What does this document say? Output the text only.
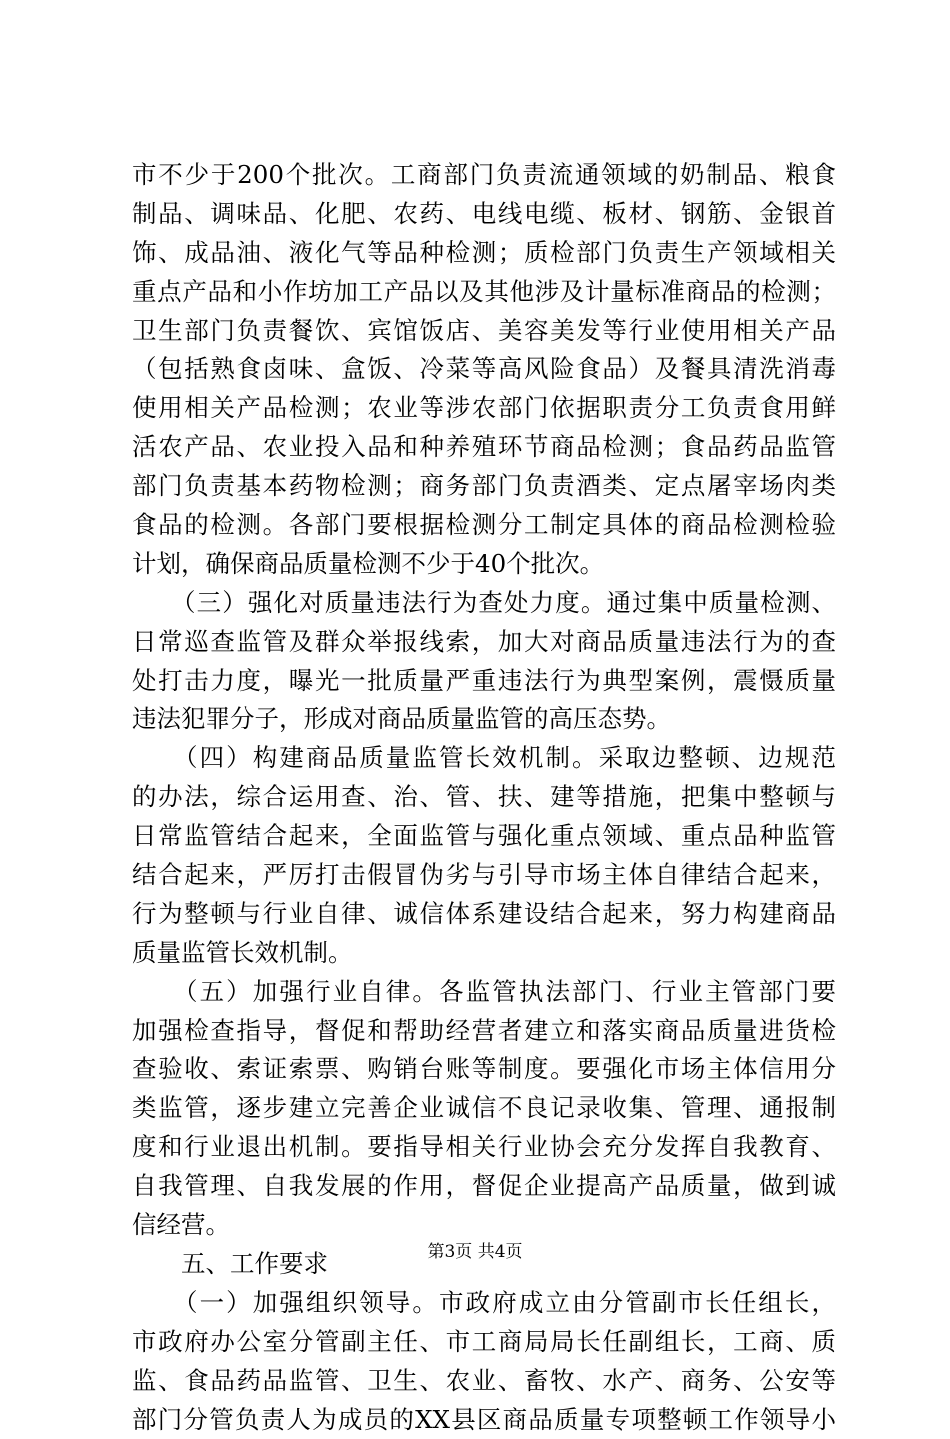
市不少于200个批次。工商部门负责流通领域的奶制品、粮食
制品、调味品、化肥、农药、电线电缆、板材、钢筋、金银首
饰、成品油、液化气等品种检测；质检部门负责生产领域相关
重点产品和小作坊加工产品以及其他涉及计量标准商品的检测；
卫生部门负责餐饮、宾馆饭店、美容美发等行业使用相关产品
（包括熟食卤味、盒饭、冷菜等高风险食品）及餐具清洗消毒
使用相关产品检测；农业等涉农部门依据职责分工负责食用鲜
活农产品、农业投入品和种养殖环节商品检测；食品药品监管
部门负责基本药物检测；商务部门负责酒类、定点屠宰场肉类
食品的检测。各部门要根据检测分工制定具体的商品检测检验
计划，确保商品质量检测不少于40个批次。
　　（三）强化对质量违法行为查处力度。通过集中质量检测、
日常巡查监管及群众举报线索，加大对商品质量违法行为的查
处打击力度，曝光一批质量严重违法行为典型案例，震慑质量
违法犯罪分子，形成对商品质量监管的高压态势。
　　（四）构建商品质量监管长效机制。采取边整顿、边规范
的办法，综合运用查、治、管、扶、建等措施，把集中整顿与
日常监管结合起来，全面监管与强化重点领域、重点品种监管
结合起来，严厉打击假冒伪劣与引导市场主体自律结合起来，
行为整顿与行业自律、诚信体系建设结合起来，努力构建商品
质量监管长效机制。
　　（五）加强行业自律。各监管执法部门、行业主管部门要
加强检查指导，督促和帮助经营者建立和落实商品质量进货检
查验收、索证索票、购销台账等制度。要强化市场主体信用分
类监管，逐步建立完善企业诚信不良记录收集、管理、通报制
度和行业退出机制。要指导相关行业协会充分发挥自我教育、
自我管理、自我发展的作用，督促企业提高产品质量，做到诚
信经营。
　　五、工作要求
　　（一）加强组织领导。市政府成立由分管副市长任组长，
市政府办公室分管副主任、市工商局局长任副组长，工商、质
监、食品药品监管、卫生、农业、畜牧、水产、商务、公安等
部门分管负责人为成员的XX县区商品质量专项整顿工作领导小
第3页 共4页
